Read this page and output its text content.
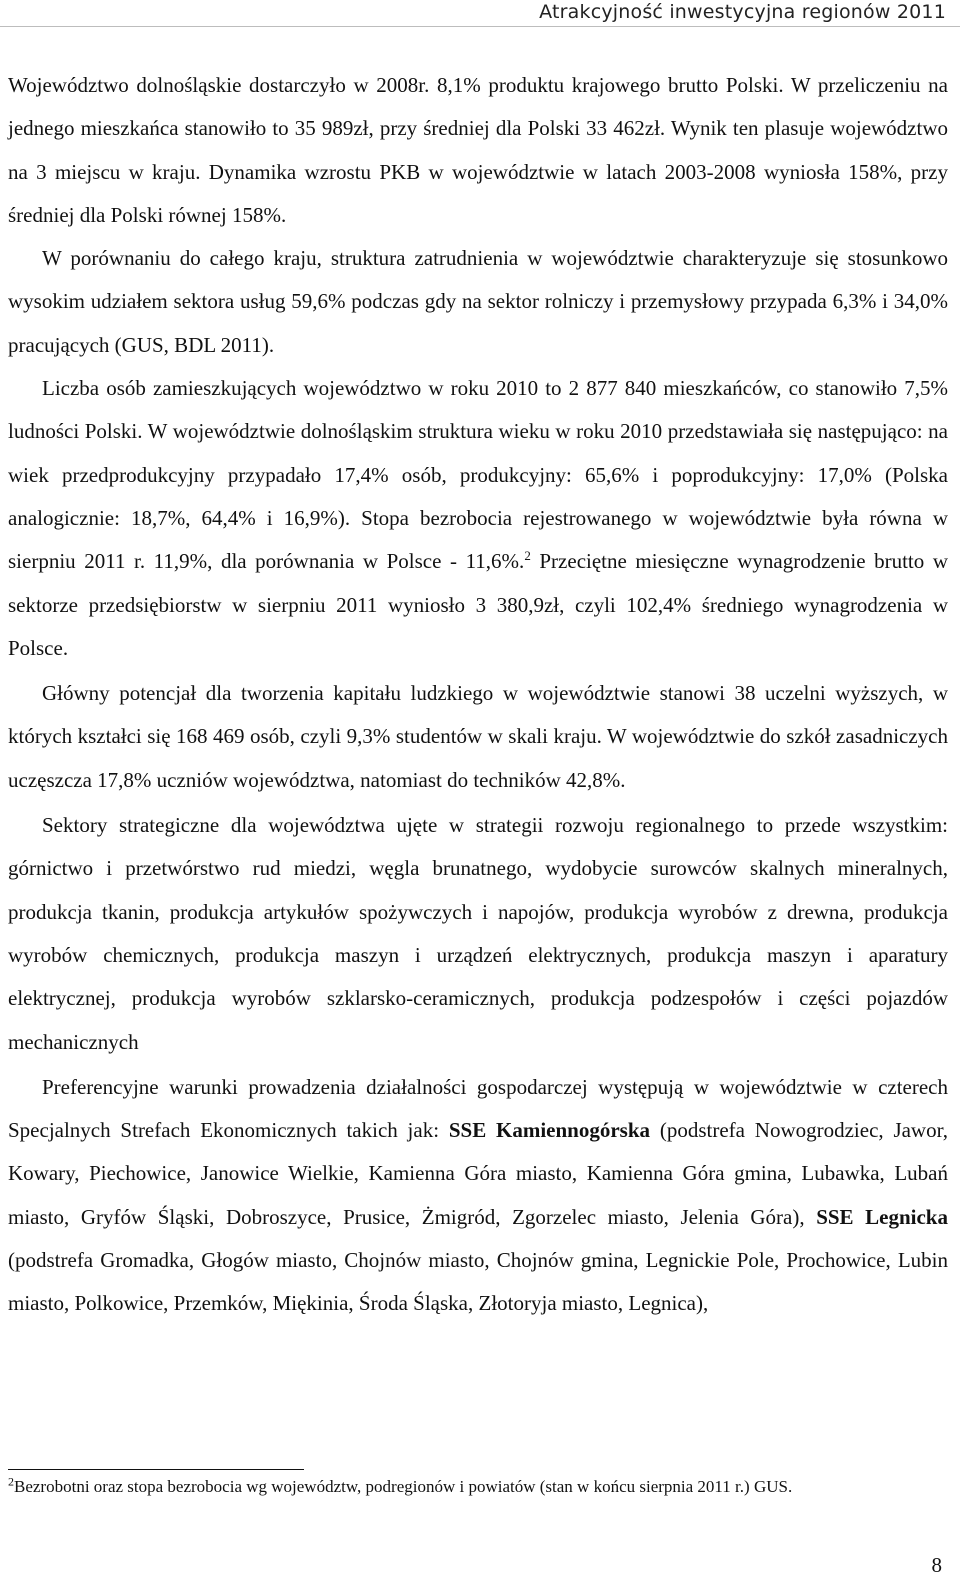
Atrakcyjność inwestycyjna regionów 2011

Województwo dolnośląskie dostarczyło w 2008r. 8,1% produktu krajowego brutto Polski. W przeliczeniu na jednego mieszkańca stanowiło to 35 989zł, przy średniej dla Polski 33 462zł. Wynik ten plasuje województwo na 3 miejscu w kraju. Dynamika wzrostu PKB w województwie w latach 2003-2008 wyniosła 158%, przy średniej dla Polski równej 158%.

W porównaniu do całego kraju, struktura zatrudnienia w województwie charakteryzuje się stosunkowo wysokim udziałem sektora usług 59,6% podczas gdy na sektor rolniczy i przemysłowy przypada 6,3% i 34,0% pracujących (GUS, BDL 2011).

Liczba osób zamieszkujących województwo w roku 2010 to 2 877 840 mieszkańców, co stanowiło 7,5% ludności Polski. W województwie dolnośląskim struktura wieku w roku 2010 przedstawiała się następująco: na wiek przedprodukcyjny przypadało 17,4% osób, produkcyjny: 65,6% i poprodukcyjny: 17,0% (Polska analogicznie: 18,7%, 64,4% i 16,9%). Stopa bezrobocia rejestrowanego w województwie była równa w sierpniu 2011 r. 11,9%, dla porównania w Polsce - 11,6%.$^2$ Przeciętne miesięczne wynagrodzenie brutto w sektorze przedsiębiorstw w sierpniu 2011 wyniosło 3 380,9zł, czyli 102,4% średniego wynagrodzenia w Polsce.

Główny potencjał dla tworzenia kapitału ludzkiego w województwie stanowi 38 uczelni wyższych, w których kształci się 168 469 osób, czyli 9,3% studentów w skali kraju. W województwie do szkół zasadniczych uczęszcza 17,8% uczniów województwa, natomiast do techników 42,8%.

Sektory strategiczne dla województwa ujęte w strategii rozwoju regionalnego to przede wszystkim: górnictwo i przetwórstwo rud miedzi, węgla brunatnego, wydobycie surowców skalnych mineralnych, produkcja tkanin, produkcja artykułów spożywczych i napojów, produkcja wyrobów z drewna, produkcja wyrobów chemicznych, produkcja maszyn i urządzeń elektrycznych, produkcja maszyn i aparatury elektrycznej, produkcja wyrobów szklarsko-ceramicznych, produkcja podzespołów i części pojazdów mechanicznych

Preferencyjne warunki prowadzenia działalności gospodarczej występują w województwie w czterech Specjalnych Strefach Ekonomicznych takich jak: SSE Kamiennogórska (podstrefa Nowogrodziec, Jawor, Kowary, Piechowice, Janowice Wielkie, Kamienna Góra miasto, Kamienna Góra gmina, Lubawka, Lubań miasto, Gryfów Śląski, Dobroszyce, Prusice, Żmigród, Zgorzelec miasto, Jelenia Góra), SSE Legnicka (podstrefa Gromadka, Głogów miasto, Chojnów miasto, Chojnów gmina, Legnickie Pole, Prochowice, Lubin miasto, Polkowice, Przemków, Miękinia, Środa Śląska, Złotoryja miasto, Legnica),

$^2$Bezrobotni oraz stopa bezrobocia wg województw, podregionów i powiatów (stan w końcu sierpnia 2011 r.) GUS.
8
